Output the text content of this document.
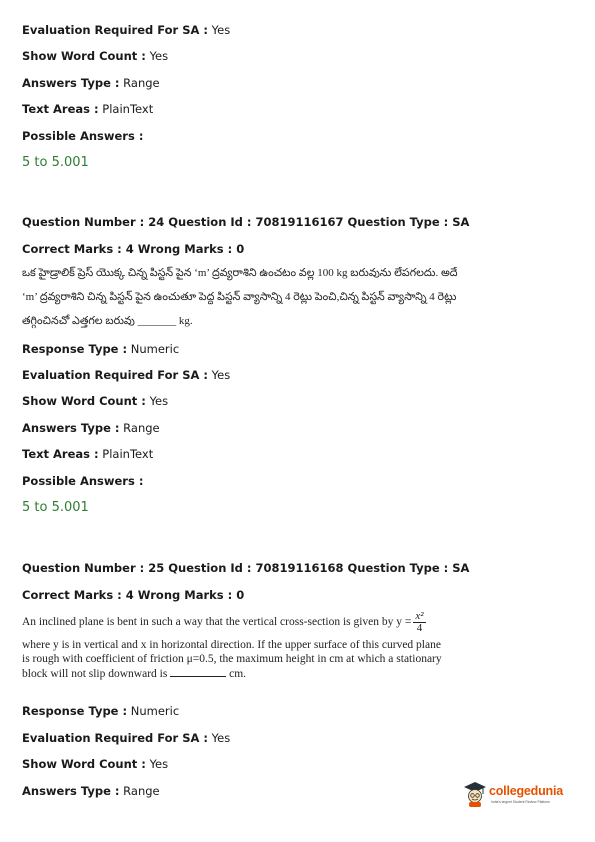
Evaluation Required For SA : Yes
Show Word Count : Yes
Answers Type : Range
Text Areas : PlainText
Possible Answers :
5 to 5.001
Question Number : 24 Question Id : 70819116167 Question Type : SA
Correct Marks : 4 Wrong Marks : 0
ఒక హైడ్రాలిక్ ప్రెస్ యొక్క చిన్న పిస్టన్ పైన ‘m’ ద్రవ్యరాశిని ఉంచటం వల్ల 100 kg బరువును లేపగలదు. అదే
‘m’ ద్రవ్యరాశిని చిన్న పిస్టన్ పైన ఉంచుతూ పెద్ద పిస్టన్ వ్యాసాన్ని 4 రెట్లు పెంచి,చిన్న పిస్టన్ వ్యాసాన్ని 4 రెట్లు
తగ్గించినచో ఎత్తగల బరువు _______ kg.
Response Type : Numeric
Evaluation Required For SA : Yes
Show Word Count : Yes
Answers Type : Range
Text Areas : PlainText
Possible Answers :
5 to 5.001
Question Number : 25 Question Id : 70819116168 Question Type : SA
Correct Marks : 4 Wrong Marks : 0
An inclined plane is bent in such a way that the vertical cross-section is given by $y = \frac{\text{x²}}{4}$
where y is in vertical and x in horizontal direction. If the upper surface of this curved plane
is rough with coefficient of friction μ=0.5, the maximum height in cm at which a stationary
block will not slip downward is	cm.
Response Type : Numeric
Evaluation Required For SA : Yes
Show Word Count : Yes
Answers Type : Range	collegedunia
India's largest Student Review Platform
